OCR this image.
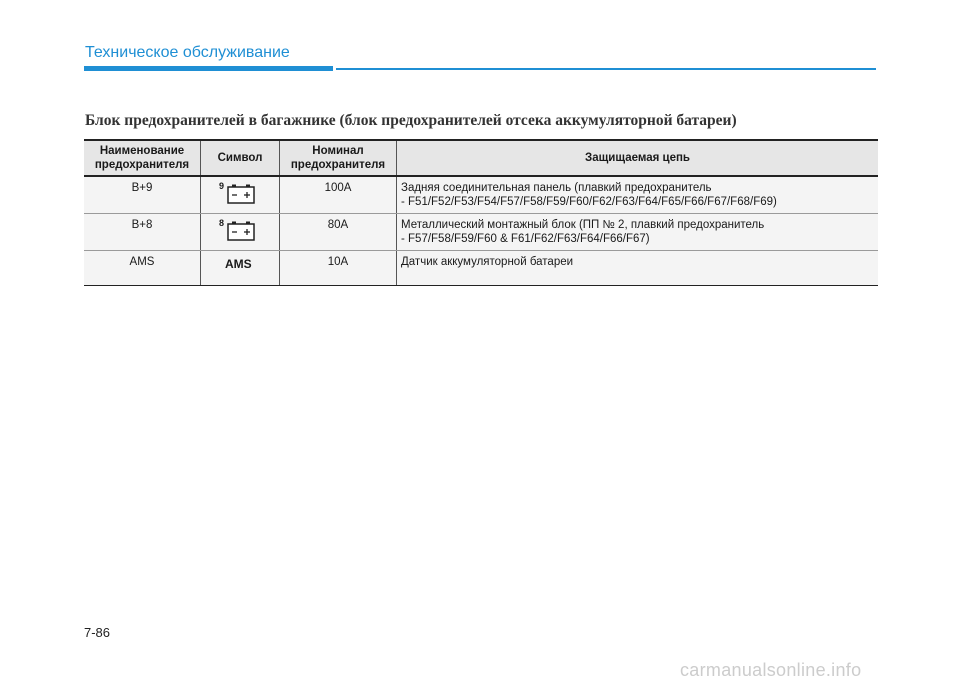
Техническое обслуживание
Блок предохранителей в багажнике (блок предохранителей отсека аккумуляторной батареи)
Наименование предохранителя	Символ	Номинал предохранителя	Защищаемая цепь
B+9	9	100A	Задняя соединительная панель (плавкий предохранитель
- F51/F52/F53/F54/F57/F58/F59/F60/F62/F63/F64/F65/F66/F67/F68/F69)

B+8	8	80A	Металлический монтажный блок (ПП № 2, плавкий предохранитель
- F57/F58/F59/F60 & F61/F62/F63/F64/F66/F67)

AMS	AMS	10A	Датчик аккумуляторной батареи
7-86
carmanualsonline.info
